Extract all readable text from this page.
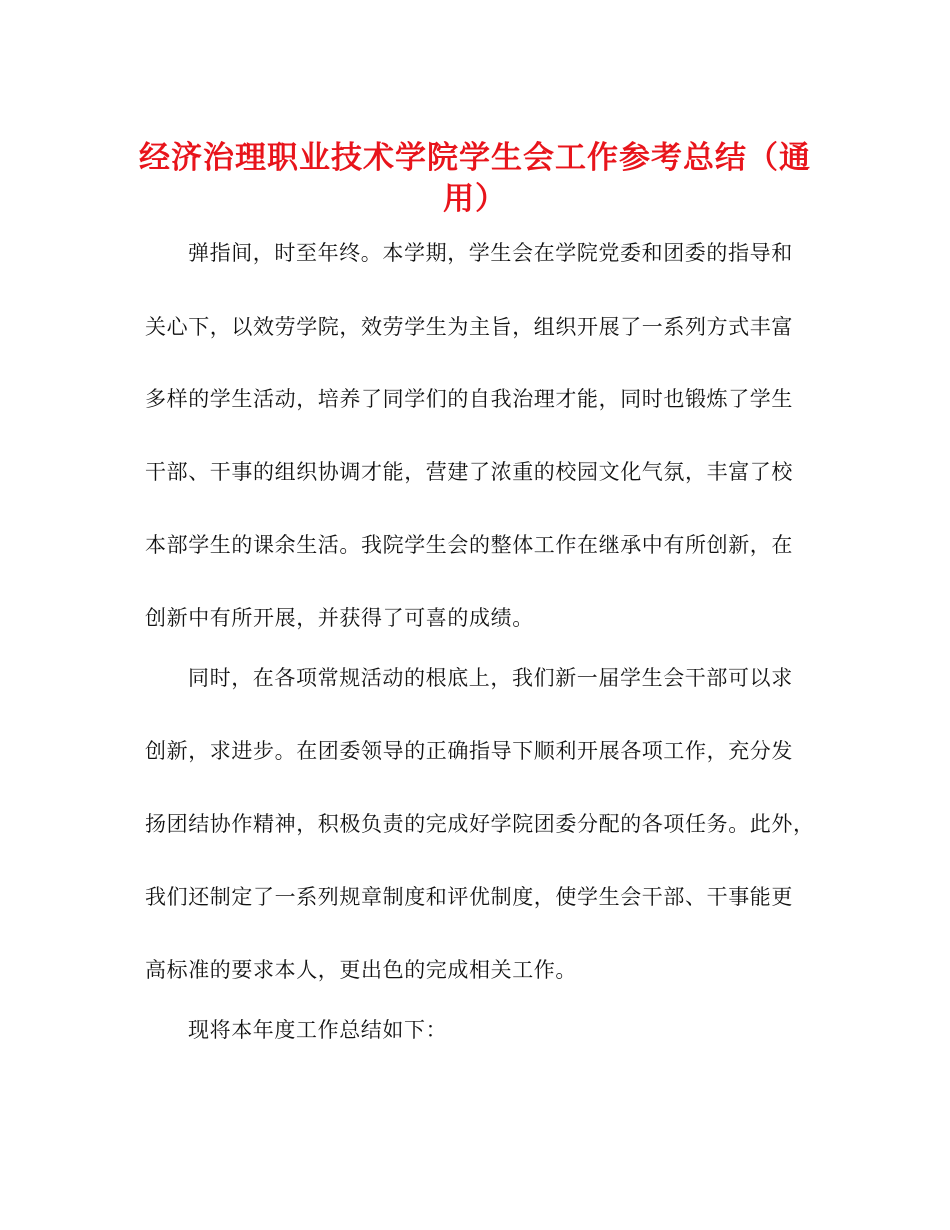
经济治理职业技术学院学生会工作参考总结（通用）

弹指间，时至年终。本学期，学生会在学院党委和团委的指导和

关心下，以效劳学院，效劳学生为主旨，组织开展了一系列方式丰富

多样的学生活动，培养了同学们的自我治理才能，同时也锻炼了学生

干部、干事的组织协调才能，营建了浓重的校园文化气氛，丰富了校

本部学生的课余生活。我院学生会的整体工作在继承中有所创新，在

创新中有所开展，并获得了可喜的成绩。

同时，在各项常规活动的根底上，我们新一届学生会干部可以求

创新，求进步。在团委领导的正确指导下顺利开展各项工作，充分发

扬团结协作精神，积极负责的完成好学院团委分配的各项任务。此外，

我们还制定了一系列规章制度和评优制度，使学生会干部、干事能更

高标准的要求本人，更出色的完成相关工作。

现将本年度工作总结如下：
